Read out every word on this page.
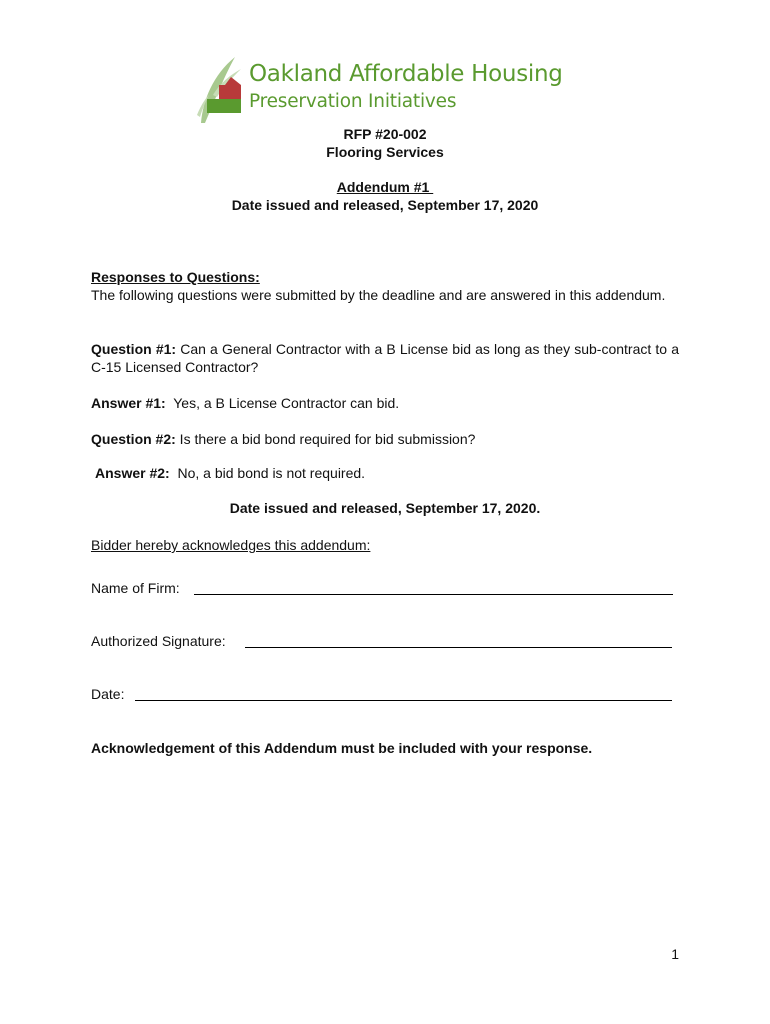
Oakland Affordable Housing
Preservation Initiatives
RFP #20-002
Flooring Services
Addendum #1
Date issued and released, September 17, 2020
Responses to Questions:
The following questions were submitted by the deadline and are answered in this addendum.
Question #1: Can a General Contractor with a B License bid as long as they sub-contract to a C-15 Licensed Contractor?
Answer #1:  Yes, a B License Contractor can bid.
Question #2: Is there a bid bond required for bid submission?
Answer #2:  No, a bid bond is not required.
Date issued and released, September 17, 2020.
Bidder hereby acknowledges this addendum:
Name of Firm:
Authorized Signature:
Date:
Acknowledgement of this Addendum must be included with your response.
1
